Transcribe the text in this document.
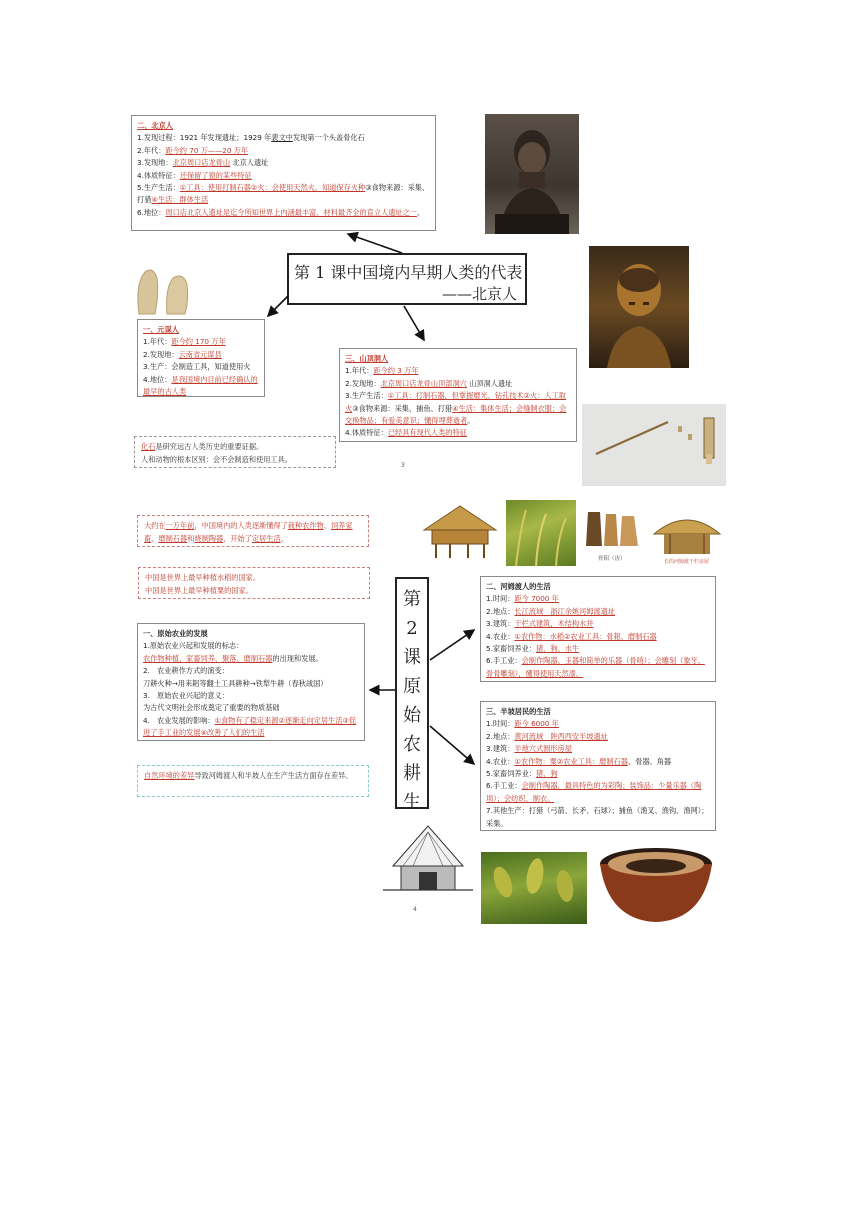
二、北京人
1.发现过程：1921 年发现遗址；1929 年裴文中发现第一个头盖骨化石
2.年代：距今约 70 万——20 万年
3.发现地：北京周口店龙骨山 北京人遗址
4.体质特征：还保留了猿的某些特征
5.生产生活：①工具：使用打制石器②火：会使用天然火，知道保存火种③食物来源：采集、打猎④生活：群体生活
6.地位：周口店北京人遗址是迄今所知世界上内涵最丰富、材料最齐全的直立人遗址之一。
第 1 课中国境内早期人类的代表
——北京人
一、元谋人
1.年代：距今约 170 万年
2.发现地：云南省元谋县
3.生产：会制造工具，知道使用火
4.地位：是我国境内目前已经确认的最早的古人类
三、山顶洞人
1.年代：距今约 3 万年
2.发现地：北京周口店龙骨山顶部洞穴 山顶洞人遗址
3.生产生活：①工具：打制石器，但掌握磨光、钻孔技术②火：人工取火③食物来源：采集、捕鱼、打猎④生活：集体生活；会缝制衣服；会交换物品；有爱美意识；懂得埋葬逝者。
4.体质特征：已经具有现代人类的特征
化石是研究远古人类历史的重要证据。
人和动物的根本区别：会不会制造和使用工具。
3
骨耜（齿）	长的河姆渡干栏房屋
大约在一万年前，中国境内的人类逐渐懂得了栽种农作物、饲养家畜、磨制石器和烧制陶器，开始了定居生活。
中国是世界上最早种植水稻的国家。
中国是世界上最早种植粟的国家。	第
2
课
原
始
农
耕
生
一、原始农业的发展
1.原始农业兴起和发展的标志：
农作物种植、家畜饲养、聚落、磨制石器的出现和发展。
2.　农业耕作方式的演变：
刀耕火种→用耒耜等翻土工具耕种→铁犁牛耕（春秋战国）
3.　原始农业兴起的意义：
为古代文明社会形成奠定了重要的物质基础
4.　农业发展的影响：①食物有了稳定来源②逐渐走向定居生活③促进了手工业的发展④改善了人们的生活
二、河姆渡人的生活
1.时间：距今 7000 年
2.地点：长江流域　浙江余姚河姆渡遗址
3.建筑：干栏式建筑，木结构水井
4.农业：①农作物：水稻②农业工具：骨耜、磨制石器
5.家畜饲养业：猪、狗、水牛
6.手工业：会制作陶器、玉器和简单的乐器（骨哨）；会雕刻（象牙、骨骨雕刻），懂得使用天然漆。
三、半坡居民的生活
1.时间：距今 6000 年
2.地点：黄河流域　陕西西安半坡遗址
3.建筑：半地穴式圆形房屋
4.农业：①农作物：粟②农业工具：磨制石器、骨器、角器
5.家畜饲养业：猪、狗
6.手工业：会制作陶器，最具特色的为彩陶；装饰品：少量乐器（陶埙）；会纺织、制衣。
7.其他生产：打猎（弓箭、长矛、石球）；捕鱼（渔叉、渔钩、渔网）；采集。
自然环境的差异导致河姆渡人和半坡人在生产生活方面存在差异。
4
